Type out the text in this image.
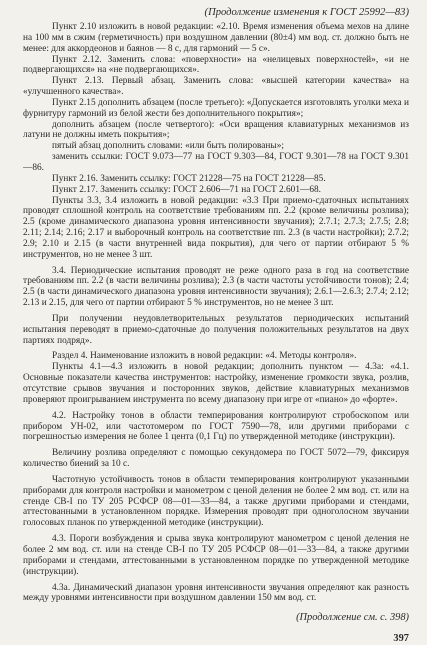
(Продолжение изменения к ГОСТ 25992—83)

Пункт 2.10 изложить в новой редакции: «2.10. Время изменения объема мехов на длине на 100 мм в сжим (герметичность) при воздушном давлении (80±4) мм вод. ст. должно быть не менее: для аккордеонов и баянов — 8 с, для гармоний — 5 с».

Пункт 2.12. Заменить слова: «поверхности» на «нелицевых поверхностей», «и не подвергающихся» на «не подвергающихся».

Пункт 2.13. Первый абзац. Заменить слова: «высшей категории качества» на «улучшенного качества».

Пункт 2.15 дополнить абзацем (после третьего): «Допускается изготовлять уголки меха и фурнитуру гармоний из белой жести без дополнительного покрытия»;

дополнить абзацем (после четвертого): «Оси вращения клавиатурных механизмов из латуни не должны иметь покрытия»;

пятый абзац дополнить словами: «или быть полированы»;

заменить ссылки: ГОСТ 9.073—77 на ГОСТ 9.303—84, ГОСТ 9.301—78 на ГОСТ 9.301—86.

Пункт 2.16. Заменить ссылку: ГОСТ 21228—75 на ГОСТ 21228—85.

Пункт 2.17. Заменить ссылку: ГОСТ 2.606—71 на ГОСТ 2.601—68.

Пункты 3.3, 3.4 изложить в новой редакции: «3.3 При приемо-сдаточных испытаниях проводят сплошной контроль на соответствие требованиям пп. 2.2 (кроме величины розлива); 2.5 (кроме динамического диапазона уровня интенсивности звучания); 2.7.1; 2.7.3; 2.7.5; 2.8; 2.11; 2.14; 2.16; 2.17 и выборочный контроль на соответствие пп. 2.3 (в части настройки); 2.7.2; 2.9; 2.10 и 2.15 (в части внутренней вида покрытия), для чего от партии отбирают 5 % инструментов, но не менее 3 шт.

3.4. Периодические испытания проводят не реже одного раза в год на соответствие требованиям пп. 2.2 (в части величины розлива); 2.3 (в части частоты устойчивости тонов); 2.4; 2.5 (в части динамического диапазона уровня интенсивности звучания); 2.6.1—2.6.3; 2.7.4; 2.12; 2.13 и 2.15, для чего от партии отбирают 5 % инструментов, но не менее 3 шт.

При получении неудовлетворительных результатов периодических испытаний испытания переводят в приемо-сдаточные до получения положительных результатов на двух партиях подряд».

Раздел 4. Наименование изложить в новой редакции: «4. Методы контроля».

Пункты 4.1—4.3 изложить в новой редакции; дополнить пунктом — 4.3а: «4.1. Основные показатели качества инструментов: настройку, изменение громкости звука, розлив, отсутствие срывов звучания и посторонних звуков, действие клавиатурных механизмов проверяют проигрыванием инструмента по всему диапазону при игре от «пиано» до «форте».

4.2. Настройку тонов в области темперирования контролируют стробоскопом или прибором УН-02, или частотомером по ГОСТ 7590—78, или другими приборами с погрешностью измерения не более 1 цента (0,1 Гц) по утвержденной методике (инструкции).

Величину розлива определяют с помощью секундомера по ГОСТ 5072—79, фиксируя количество биений за 10 с.

Частотную устойчивость тонов в области темперирования контролируют указанными приборами для контроля настройки и манометром с ценой деления не более 2 мм вод. ст. или на стенде СВ-I по ТУ 205 РСФСР 08—01—33—84, а также другими приборами и стендами, аттестованными в установленном порядке. Измерения проводят при одноголосном звучании голосовых планок по утвержденной методике (инструкции).

4.3. Пороги возбуждения и срыва звука контролируют манометром с ценой деления не более 2 мм вод. ст. или на стенде СВ-I по ТУ 205 РСФСР 08—01—33—84, а также другими приборами и стендами, аттестованными в установленном порядке по утвержденной методике (инструкции).

4.3а. Динамический диапазон уровня интенсивности звучания определяют как разность между уровнями интенсивности при воздушном давлении 150 мм вод. ст.

(Продолжение см. с. 398)
397
